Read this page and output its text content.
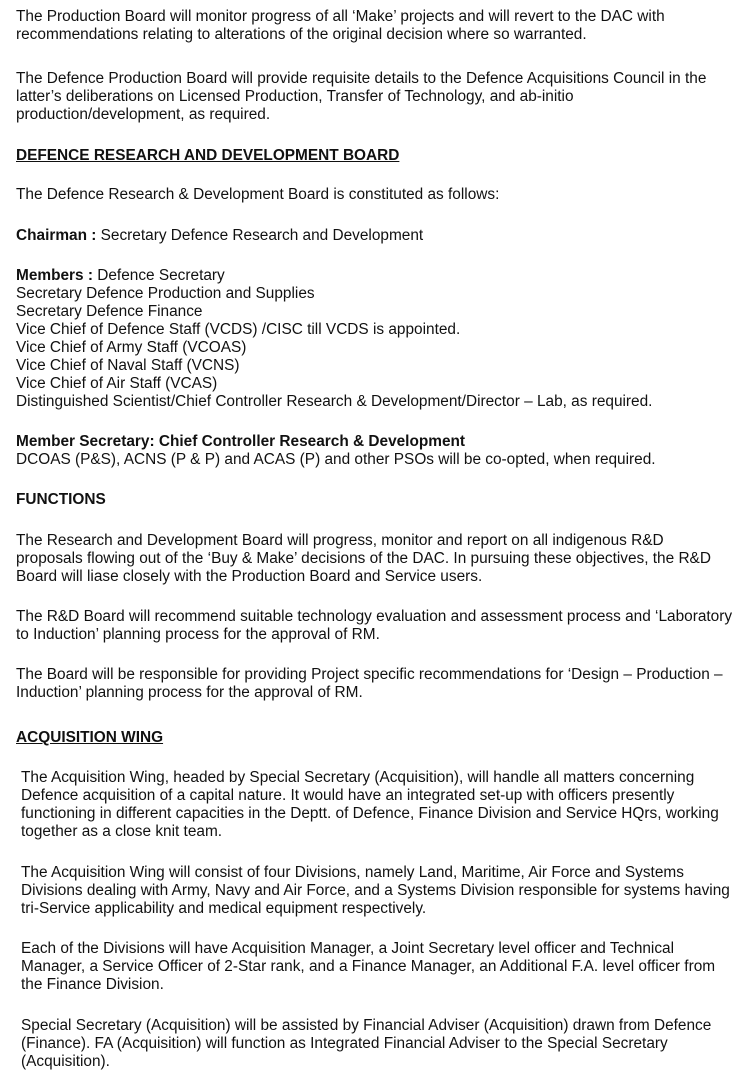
The Production Board will monitor progress of all ‘Make’ projects and will revert to the DAC with recommendations relating to alterations of the original decision where so warranted.

The Defence Production Board will provide requisite details to the Defence Acquisitions Council in the latter’s deliberations on Licensed Production, Transfer of Technology, and ab-initio production/development, as required.

DEFENCE RESEARCH AND DEVELOPMENT BOARD

The Defence Research & Development Board is constituted as follows:

Chairman : Secretary Defence Research and Development

Members : Defence Secretary
Secretary Defence Production and Supplies
Secretary Defence Finance
Vice Chief of Defence Staff (VCDS) /CISC till VCDS is appointed.
Vice Chief of Army Staff (VCOAS)
Vice Chief of Naval Staff (VCNS)
Vice Chief of Air Staff (VCAS)
Distinguished Scientist/Chief Controller Research & Development/Director – Lab, as required.
Member Secretary: Chief Controller Research & Development
DCOAS (P&S), ACNS (P & P) and ACAS (P) and other PSOs will be co-opted, when required.

FUNCTIONS

The Research and Development Board will progress, monitor and report on all indigenous R&D proposals flowing out of the ‘Buy & Make’ decisions of the DAC. In pursuing these objectives, the R&D Board will liase closely with the Production Board and Service users.

The R&D Board will recommend suitable technology evaluation and assessment process and ‘Laboratory to Induction’ planning process for the approval of RM.

The Board will be responsible for providing Project specific recommendations for ‘Design – Production – Induction’ planning process for the approval of RM.

ACQUISITION WING

The Acquisition Wing, headed by Special Secretary (Acquisition), will handle all matters concerning Defence acquisition of a capital nature. It would have an integrated set-up with officers presently functioning in different capacities in the Deptt. of Defence, Finance Division and Service HQrs, working together as a close knit team.

The Acquisition Wing will consist of four Divisions, namely Land, Maritime, Air Force and Systems Divisions dealing with Army, Navy and Air Force, and a Systems Division responsible for systems having tri-Service applicability and medical equipment respectively.

Each of the Divisions will have Acquisition Manager, a Joint Secretary level officer and Technical Manager, a Service Officer of 2-Star rank, and a Finance Manager, an Additional F.A. level officer from the Finance Division.

Special Secretary (Acquisition) will be assisted by Financial Adviser (Acquisition) drawn from Defence (Finance). FA (Acquisition) will function as Integrated Financial Adviser to the Special Secretary (Acquisition).
